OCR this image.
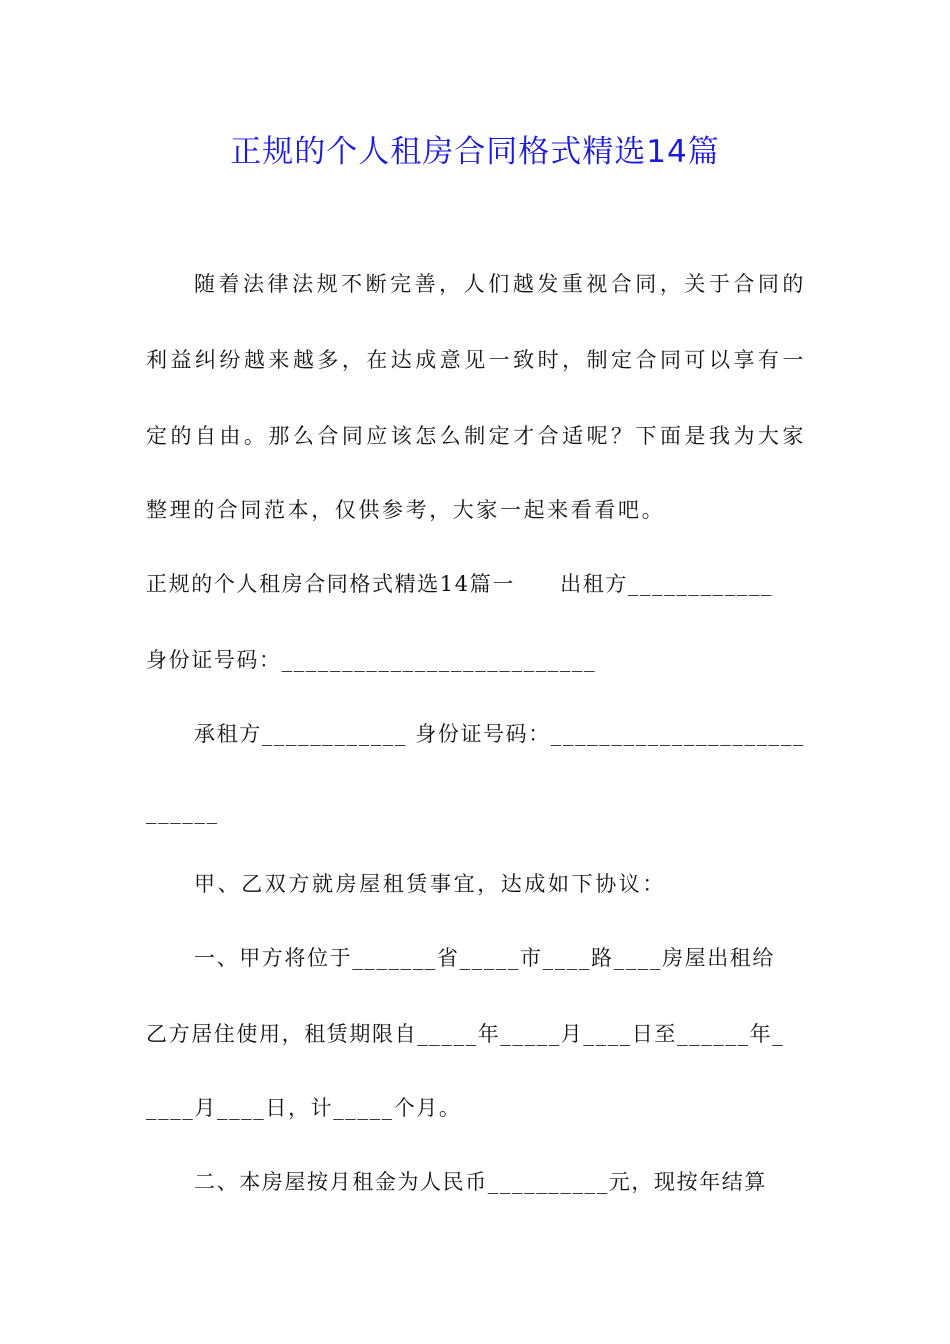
正规的个人租房合同格式精选14篇
随着法律法规不断完善，人们越发重视合同，关于合同的
利益纠纷越来越多，在达成意见一致时，制定合同可以享有一
定的自由。那么合同应该怎么制定才合适呢？下面是我为大家
整理的合同范本，仅供参考，大家一起来看看吧。
正规的个人租房合同格式精选14篇一　　出租方____________
身份证号码：__________________________
承租方____________ 身份证号码：_____________________
______
甲、乙双方就房屋租赁事宜，达成如下协议：
一、甲方将位于_______省_____市____路____房屋出租给
乙方居住使用，租赁期限自_____年_____月____日至______年_
____月____日，计_____个月。
二、本房屋按月租金为人民币__________元，现按年结算
